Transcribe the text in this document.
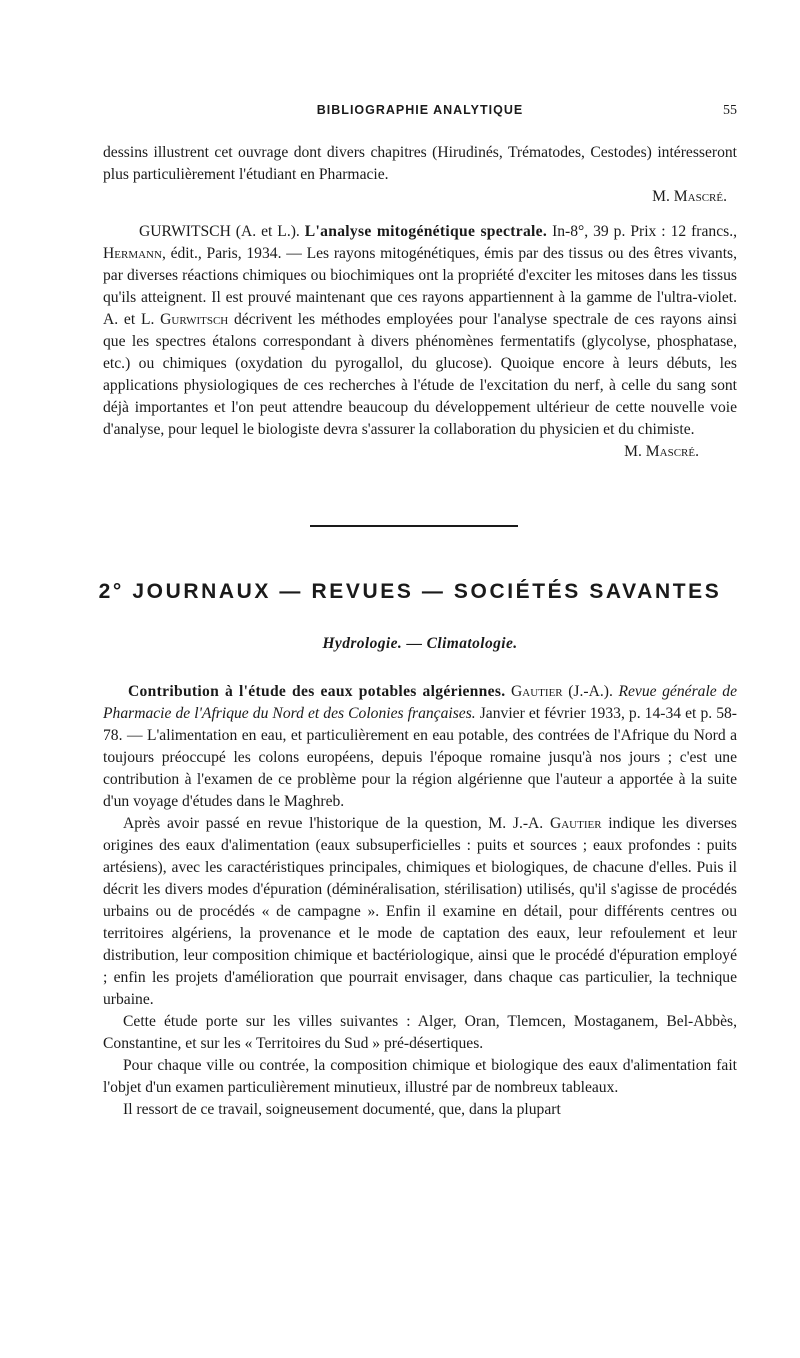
BIBLIOGRAPHIE ANALYTIQUE	55

dessins illustrent cet ouvrage dont divers chapitres (Hirudinés, Trématodes, Cestodes) intéresseront plus particulièrement l'étudiant en Pharmacie.

M. Mascré.

GURWITSCH (A. et L.). L'analyse mitogénétique spectrale. In-8°, 39 p. Prix : 12 francs., Hermann, édit., Paris, 1934. — Les rayons mitogénétiques, émis par des tissus ou des êtres vivants, par diverses réactions chimiques ou biochimiques ont la propriété d'exciter les mitoses dans les tissus qu'ils atteignent. Il est prouvé maintenant que ces rayons appartiennent à la gamme de l'ultra-violet. A. et L. Gurwitsch décrivent les méthodes employées pour l'analyse spectrale de ces rayons ainsi que les spectres étalons correspondant à divers phénomènes fermentatifs (glycolyse, phosphatase, etc.) ou chimiques (oxydation du pyrogallol, du glucose). Quoique encore à leurs débuts, les applications physiologiques de ces recherches à l'étude de l'excitation du nerf, à celle du sang sont déjà importantes et l'on peut attendre beaucoup du développement ultérieur de cette nouvelle voie d'analyse, pour lequel le biologiste devra s'assurer la collaboration du physicien et du chimiste.
M. Mascré.

2° JOURNAUX — REVUES — SOCIÉTÉS SAVANTES
Hydrologie. — Climatologie.

Contribution à l'étude des eaux potables algériennes. Gautier (J.-A.). Revue générale de Pharmacie de l'Afrique du Nord et des Colonies françaises. Janvier et février 1933, p. 14-34 et p. 58-78. — L'alimentation en eau, et particulièrement en eau potable, des contrées de l'Afrique du Nord a toujours préoccupé les colons européens, depuis l'époque romaine jusqu'à nos jours ; c'est une contribution à l'examen de ce problème pour la région algérienne que l'auteur a apportée à la suite d'un voyage d'études dans le Maghreb.

Après avoir passé en revue l'historique de la question, M. J.-A. Gautier indique les diverses origines des eaux d'alimentation (eaux subsuperficielles : puits et sources ; eaux profondes : puits artésiens), avec les caractéristiques principales, chimiques et biologiques, de chacune d'elles. Puis il décrit les divers modes d'épuration (déminéralisation, stérilisation) utilisés, qu'il s'agisse de procédés urbains ou de procédés « de campagne ». Enfin il examine en détail, pour différents centres ou territoires algériens, la provenance et le mode de captation des eaux, leur refoulement et leur distribution, leur composition chimique et bactériologique, ainsi que le procédé d'épuration employé ; enfin les projets d'amélioration que pourrait envisager, dans chaque cas particulier, la technique urbaine.

Cette étude porte sur les villes suivantes : Alger, Oran, Tlemcen, Mostaganem, Bel-Abbès, Constantine, et sur les « Territoires du Sud » pré-désertiques.

Pour chaque ville ou contrée, la composition chimique et biologique des eaux d'alimentation fait l'objet d'un examen particulièrement minutieux, illustré par de nombreux tableaux.

Il ressort de ce travail, soigneusement documenté, que, dans la plupart
